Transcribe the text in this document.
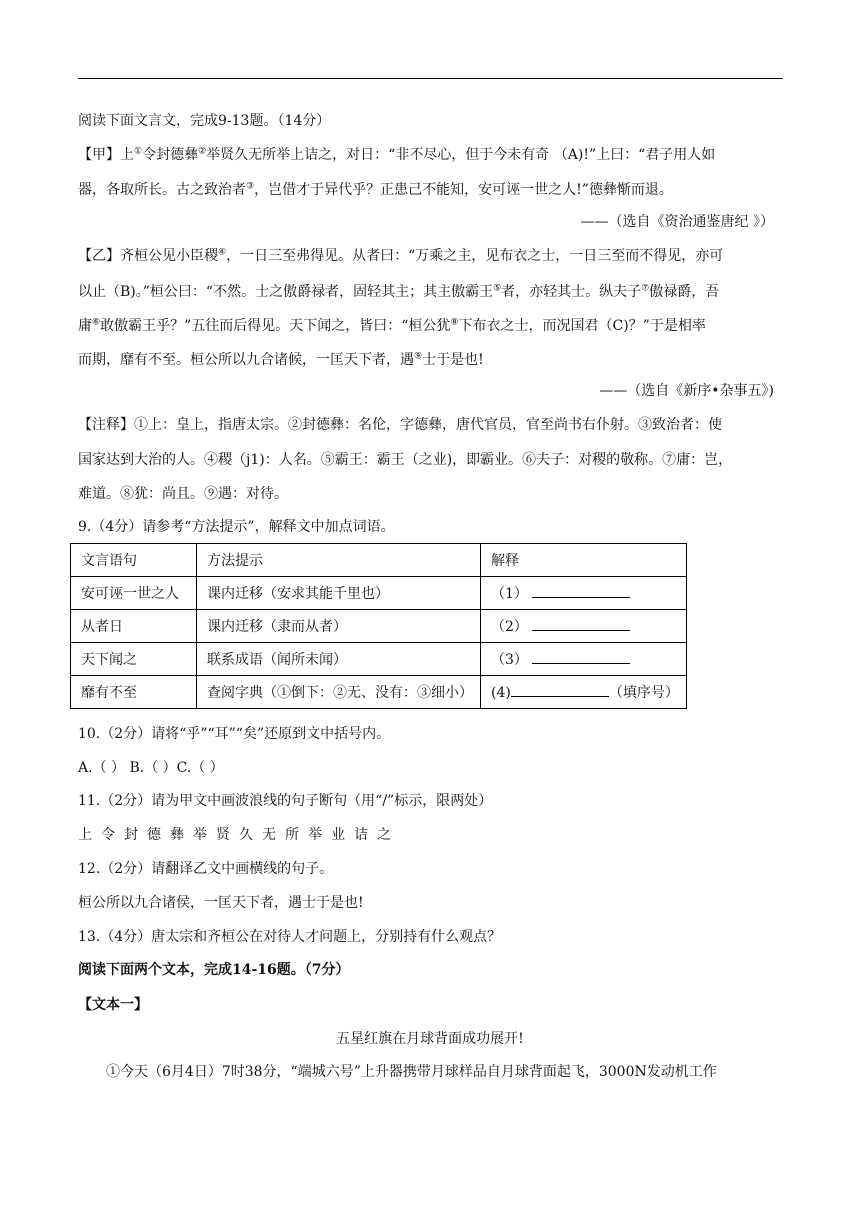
阅读下面文言文，完成9-13题。（14分）
【甲】上①令封德彝②举贤久无所举上诘之，对日：“非不尽心，但于今未有奇 （A)!”上曰：“君子用人如
器，各取所长。古之致治者③，岂借才于异代乎？正患己不能知，安可诬一世之人!”德彝惭而退。
——（选自《资治通鉴唐纪 》）
【乙】齐桓公见小臣稷④，一日三至弗得见。从者曰：“万乘之主，见布衣之士，一日三至而不得见，亦可
以止（B)。”桓公曰：“不然。士之傲爵禄者，固轻其主；其主傲霸王⑤者，亦轻其士。纵夫子⑦傲禄爵，吾
庸⑥敢傲霸王乎？”五往而后得见。天下闻之，皆曰：“桓公犹⑧下布衣之士，而况国君（C)？”于是相率
而期，靡有不至。桓公所以九合诸候，一匡天下者，遇⑨士于是也!
——（选自《新序•杂事五》)
【注释】①上：皇上，指唐太宗。②封德彝：名伦，字德彝，唐代官员，官至尚书右仆射。③致治者：使
国家达到大治的人。④稷（j1)：人名。⑤霸王：霸王（之业)，即霸业。⑥夫子：对稷的敬称。⑦庸：岂，
难道。⑧犹：尚且。⑨遇：对待。
9.（4分）请参考“方法提示”，解释文中加点词语。
文言语句	方法提示	解释
安可诬一世之人	课内迁移（安求其能千里也）	（1）
从者日	课内迁移（隶而从者）	（2）
天下闻之	联系成语（闻所未闻）	（3）
靡有不至	查阅字典（①倒下：②无、没有：③细小）	(4) （填序号）
10.（2分）请将“乎”“耳”“矣”还原到文中括号内。
A.（ ） B.（ ）C.（ ）
11.（2分）请为甲文中画波浪线的句子断句（用“/”标示，限两处）
上 令 封 德 彝 举 贤 久 无 所 举 业 诘 之
12.（2分）请翻译乙文中画横线的句子。
桓公所以九合诸侯，一匡天下者，遇士于是也!
13.（4分）唐太宗和齐桓公在对待人才问题上，分别持有什么观点？
阅读下面两个文本，完成14-16题。（7分）
【文本一】
五星红旗在月球背面成功展开!
①今天（6月4日）7时38分，“端城六号”上升器携带月球样品自月球背面起飞，3000N发动机工作
